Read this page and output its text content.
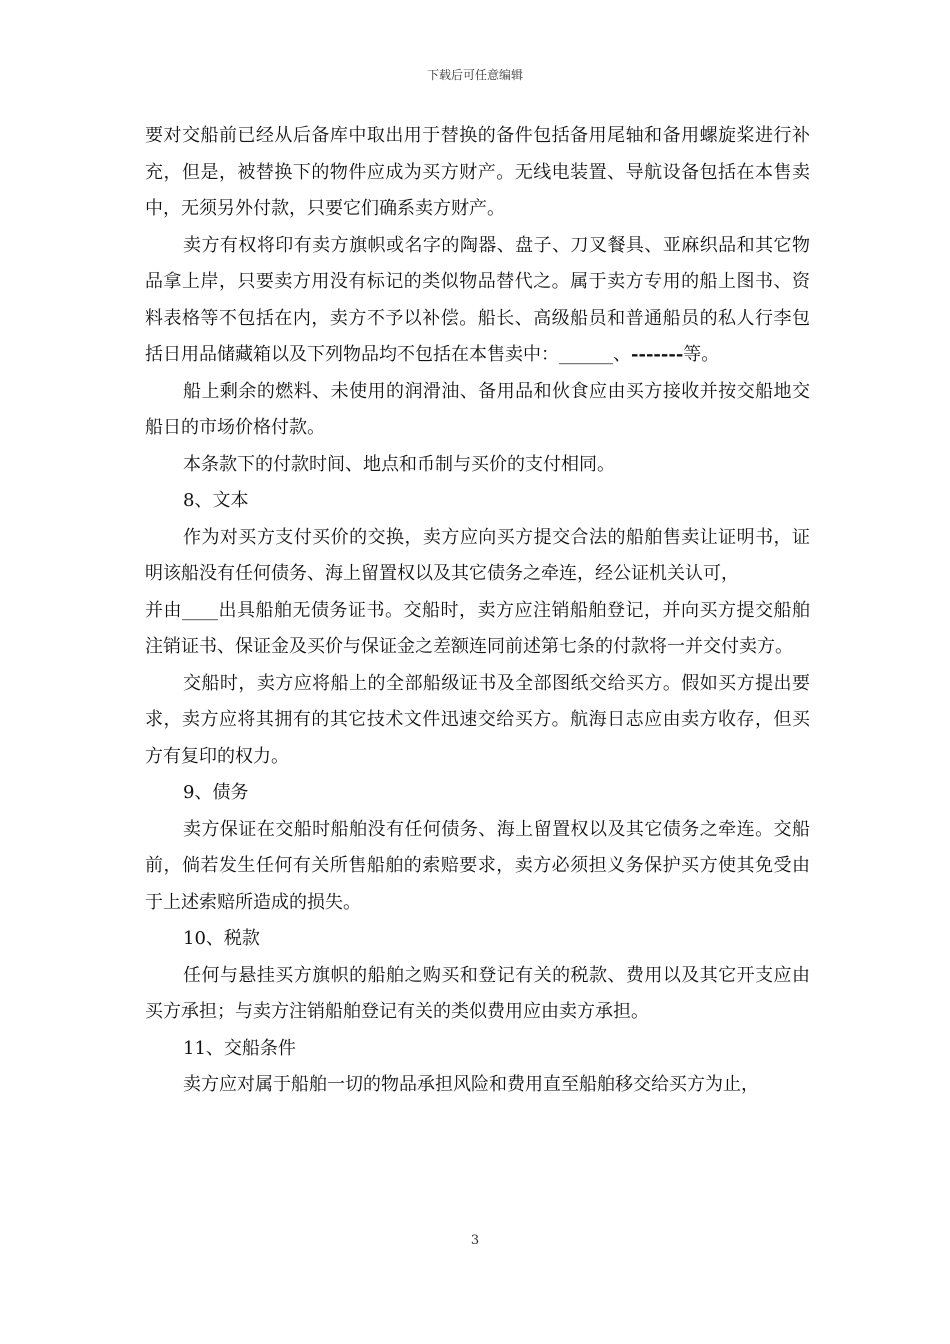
下载后可任意编辑

要对交船前已经从后备库中取出用于替换的备件包括备用尾轴和备用螺旋桨进行补充，但是，被替换下的物件应成为买方财产。无线电装置、导航设备包括在本售卖中，无须另外付款，只要它们确系卖方财产。

卖方有权将印有卖方旗帜或名字的陶器、盘子、刀叉餐具、亚麻织品和其它物品拿上岸，只要卖方用没有标记的类似物品替代之。属于卖方专用的船上图书、资料表格等不包括在内，卖方不予以补偿。船长、高级船员和普通船员的私人行李包括日用品储藏箱以及下列物品均不包括在本售卖中：______、-------等。

船上剩余的燃料、未使用的润滑油、备用品和伙食应由买方接收并按交船地交船日的市场价格付款。

本条款下的付款时间、地点和币制与买价的支付相同。

8、文本

作为对买方支付买价的交换，卖方应向买方提交合法的船舶售卖让证明书，证明该船没有任何债务、海上留置权以及其它债务之牵连，经公证机关认可，

并由____出具船舶无债务证书。交船时，卖方应注销船舶登记，并向买方提交船舶注销证书、保证金及买价与保证金之差额连同前述第七条的付款将一并交付卖方。

交船时，卖方应将船上的全部船级证书及全部图纸交给买方。假如买方提出要求，卖方应将其拥有的其它技术文件迅速交给买方。航海日志应由卖方收存，但买方有复印的权力。

9、债务

卖方保证在交船时船舶没有任何债务、海上留置权以及其它债务之牵连。交船前，倘若发生任何有关所售船舶的索赔要求，卖方必须担义务保护买方使其免受由于上述索赔所造成的损失。

10、税款

任何与悬挂买方旗帜的船舶之购买和登记有关的税款、费用以及其它开支应由买方承担；与卖方注销船舶登记有关的类似费用应由卖方承担。

11、交船条件

卖方应对属于船舶一切的物品承担风险和费用直至船舶移交给买方为止，

3
